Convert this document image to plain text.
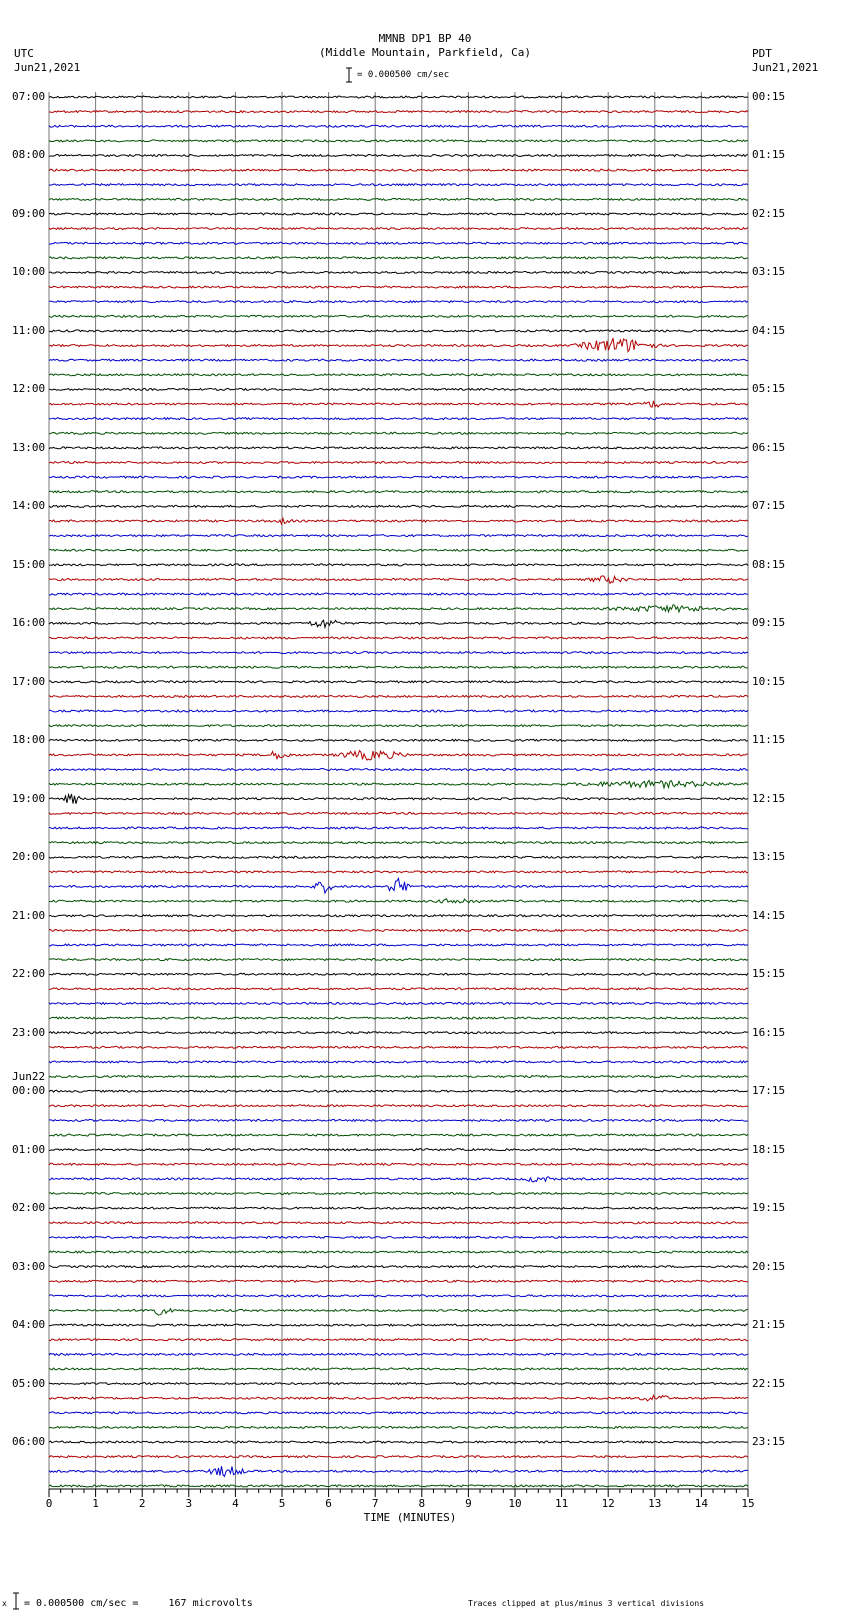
MMNB DP1 BP 40
(Middle Mountain, Parkfield, Ca)
= 0.000500 cm/sec
UTC
Jun21,2021
PDT
Jun21,2021
07:00
08:00
09:00
10:00
11:00
12:00
13:00
14:00
15:00
16:00
17:00
18:00
19:00
20:00
21:00
22:00
23:00
00:00
Jun22
01:00
02:00
03:00
04:00
05:00
06:00
00:15
01:15
02:15
03:15
04:15
05:15
06:15
07:15
08:15
09:15
10:15
11:15
12:15
13:15
14:15
15:15
16:15
17:15
18:15
19:15
20:15
21:15
22:15
23:15
0	1	2	3	4	5	6	7	8	9	10	11	12	13	14	15
TIME (MINUTES)
x = 0.000500 cm/sec =     167 microvolts	Traces clipped at plus/minus 3 vertical divisions
